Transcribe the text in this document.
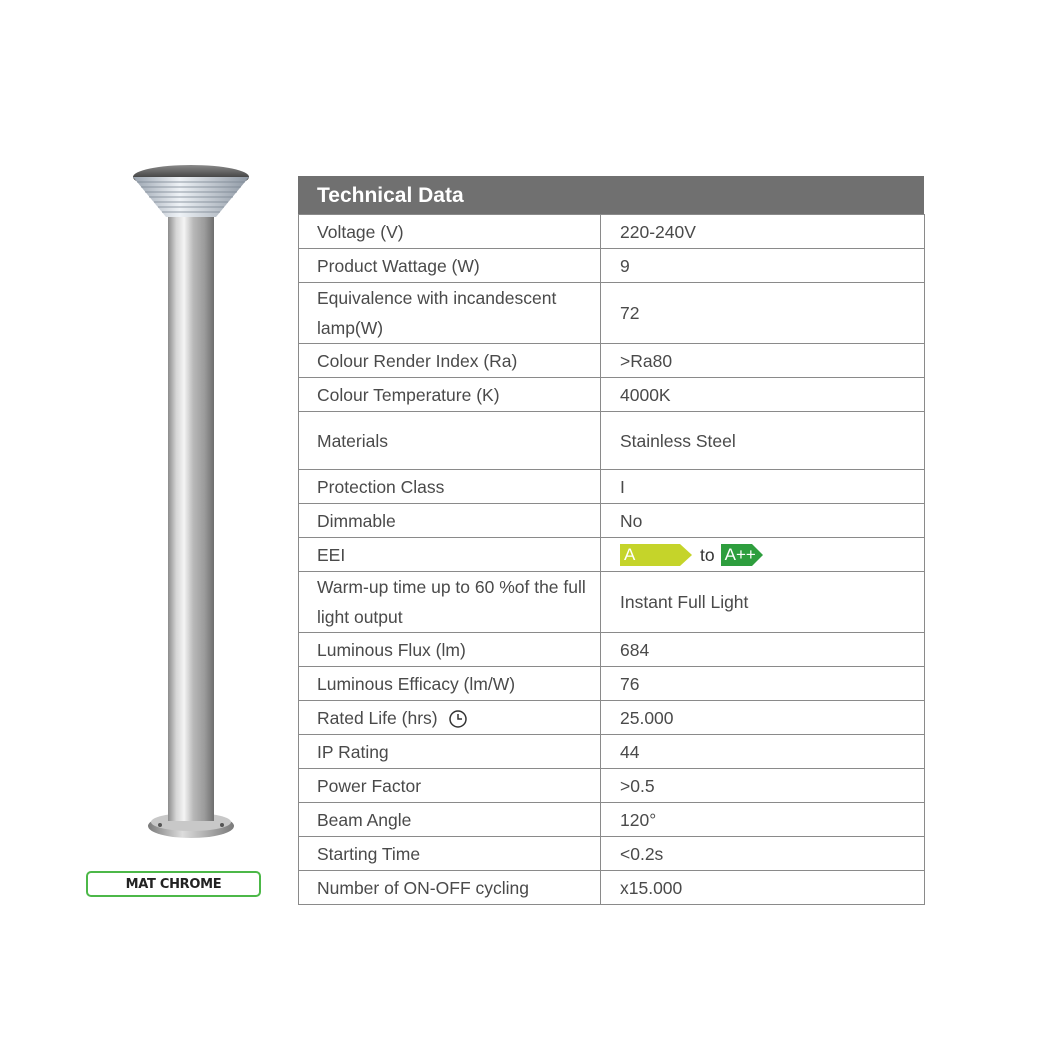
MAT CHROME
Technical Data
Voltage (V)	220-240V
Product Wattage (W)	9
Equivalence with incandescent lamp(W)	72
Colour Render Index (Ra)	>Ra80
Colour Temperature (K)	4000K
Materials	Stainless Steel
Protection Class	I
Dimmable	No
EEI	A to A++

Warm-up time up to 60 %of the full light output	Instant Full Light
Luminous Flux (lm)	684
Luminous Efficacy (lm/W)	76
Rated Life (hrs)	25.000
IP Rating	44
Power Factor	>0.5
Beam Angle	120°
Starting Time	<0.2s
Number of ON-OFF cycling	x15.000
